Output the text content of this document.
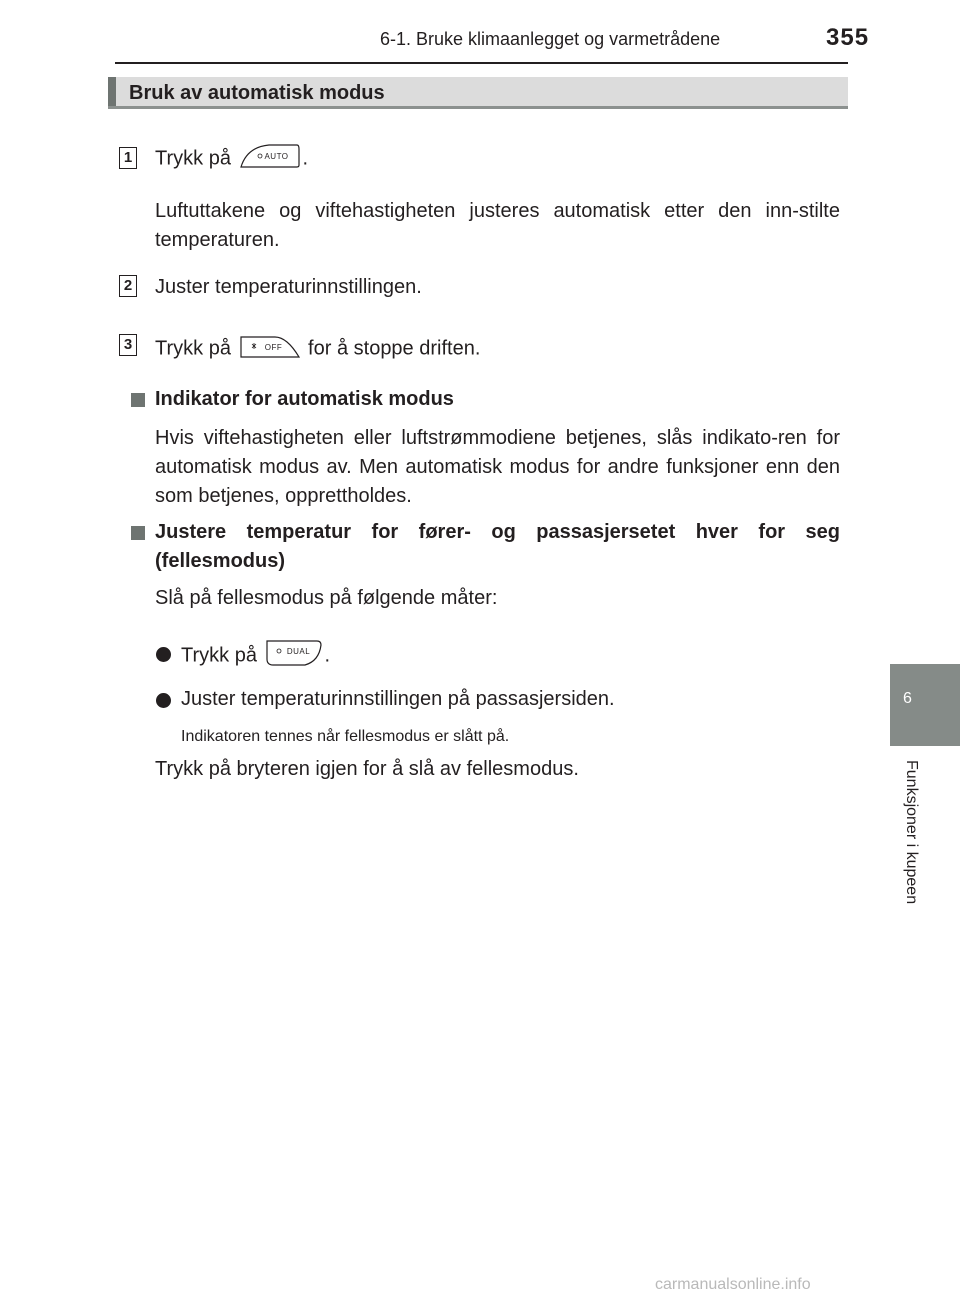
6-1. Bruke klimaanlegget og varmetrådene	355
Bruk av automatisk modus
1 Trykk på	AUTO .
Luftuttakene og viftehastigheten justeres automatisk etter den inn-stilte temperaturen.
2 Juster temperaturinnstillingen.
3 Trykk på	OFF	for å stoppe driften.
Indikator for automatisk modus
Hvis viftehastigheten eller luftstrømmodiene betjenes, slås indikato-ren for automatisk modus av. Men automatisk modus for andre funksjoner enn den som betjenes, opprettholdes.
Justere temperatur for fører- og passasjersetet hver for seg (fellesmodus)
Slå på fellesmodus på følgende måter:
Trykk på	DUAL .
Juster temperaturinnstillingen på passasjersiden.
Indikatoren tennes når fellesmodus er slått på.
Trykk på bryteren igjen for å slå av fellesmodus.
6
Funksjoner i kupeen
carmanualsonline.info
